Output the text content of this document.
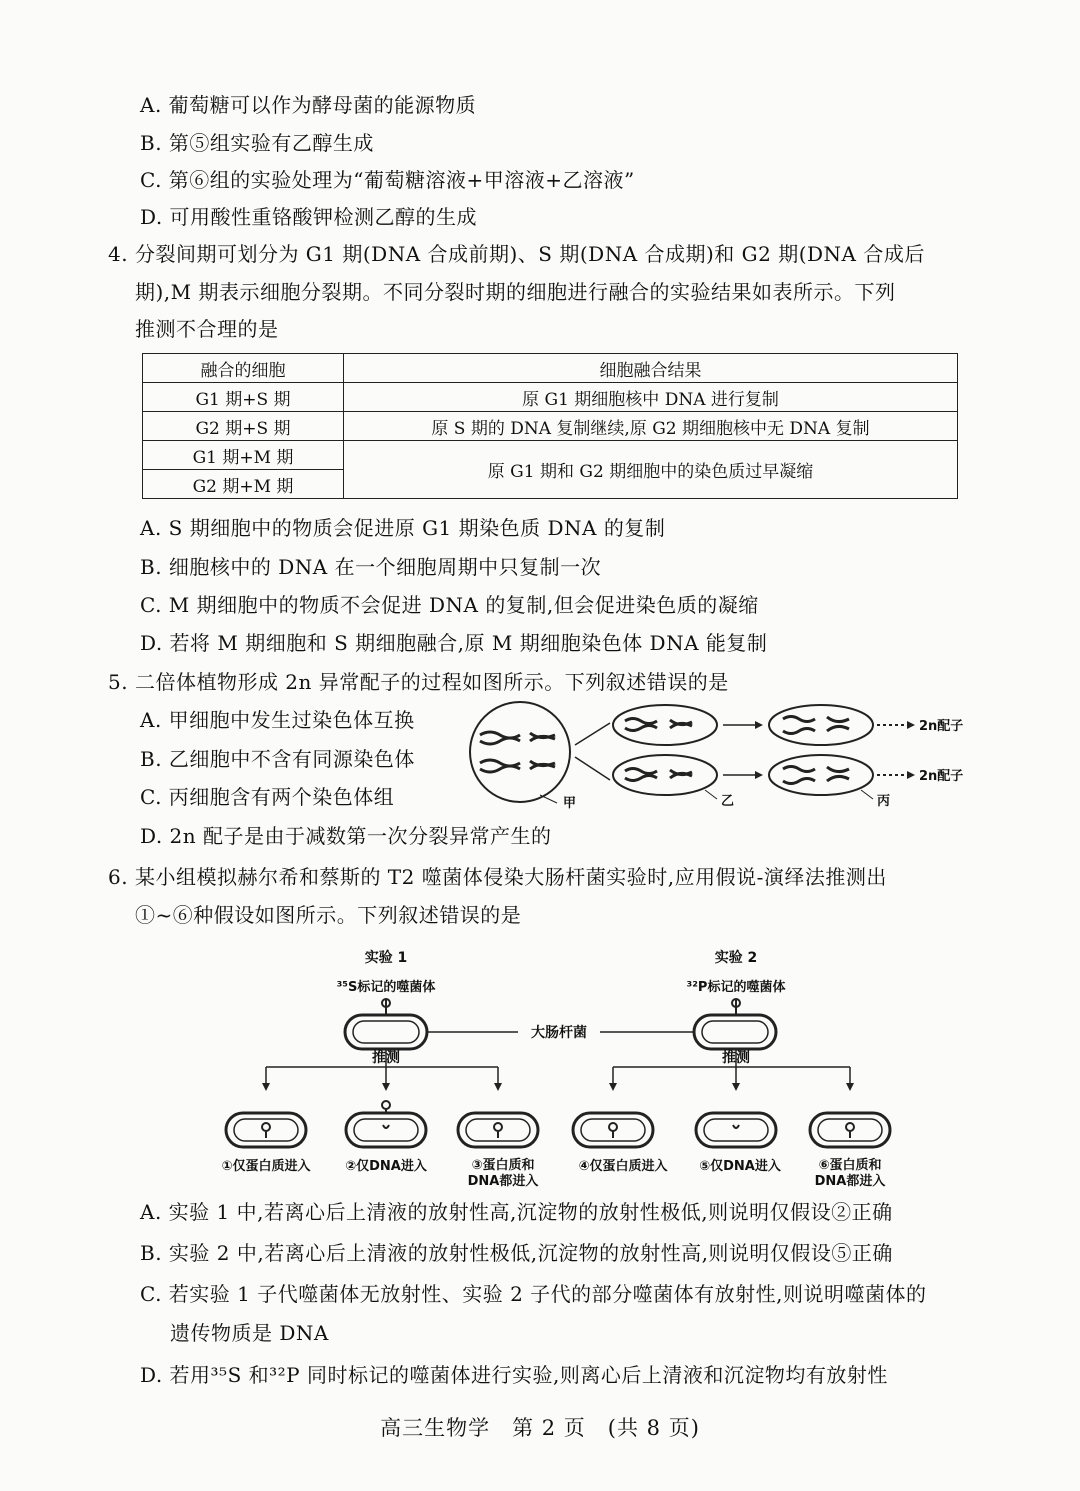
A. 葡萄糖可以作为酵母菌的能源物质
B. 第⑤组实验有乙醇生成
C. 第⑥组的实验处理为“葡萄糖溶液+甲溶液+乙溶液”
D. 可用酸性重铬酸钾检测乙醇的生成
4. 分裂间期可划分为 G1 期(DNA 合成前期)、S 期(DNA 合成期)和 G2 期(DNA 合成后
期),M 期表示细胞分裂期。不同分裂时期的细胞进行融合的实验结果如表所示。下列
推测不合理的是
融合的细胞	细胞融合结果
G1 期+S 期	原 G1 期细胞核中 DNA 进行复制
G2 期+S 期	原 S 期的 DNA 复制继续,原 G2 期细胞核中无 DNA 复制
G1 期+M 期	原 G1 期和 G2 期细胞中的染色质过早凝缩
G2 期+M 期	
A. S 期细胞中的物质会促进原 G1 期染色质 DNA 的复制
B. 细胞核中的 DNA 在一个细胞周期中只复制一次
C. M 期细胞中的物质不会促进 DNA 的复制,但会促进染色质的凝缩
D. 若将 M 期细胞和 S 期细胞融合,原 M 期细胞染色体 DNA 能复制
5. 二倍体植物形成 2n 异常配子的过程如图所示。下列叙述错误的是
A. 甲细胞中发生过染色体互换
B. 乙细胞中不含有同源染色体
C. 丙细胞含有两个染色体组
D. 2n 配子是由于减数第一次分裂异常产生的
甲	乙	丙
2n配子
2n配子
6. 某小组模拟赫尔希和蔡斯的 T2 噬菌体侵染大肠杆菌实验时,应用假说-演绎法推测出
①~⑥种假设如图所示。下列叙述错误的是
实验 1
³⁵S标记的噬菌体
实验 2
³²P标记的噬菌体
大肠杆菌
推测	推测
①仅蛋白质进入	②仅DNA进入	③蛋白质和
DNA都进入
④仅蛋白质进入 ⑤仅DNA进入	⑥蛋白质和
DNA都进入
A. 实验 1 中,若离心后上清液的放射性高,沉淀物的放射性极低,则说明仅假设②正确
B. 实验 2 中,若离心后上清液的放射性极低,沉淀物的放射性高,则说明仅假设⑤正确
C. 若实验 1 子代噬菌体无放射性、实验 2 子代的部分噬菌体有放射性,则说明噬菌体的
遗传物质是 DNA
D. 若用³⁵S 和³²P 同时标记的噬菌体进行实验,则离心后上清液和沉淀物均有放射性
高三生物学　第 2 页　(共 8 页)
